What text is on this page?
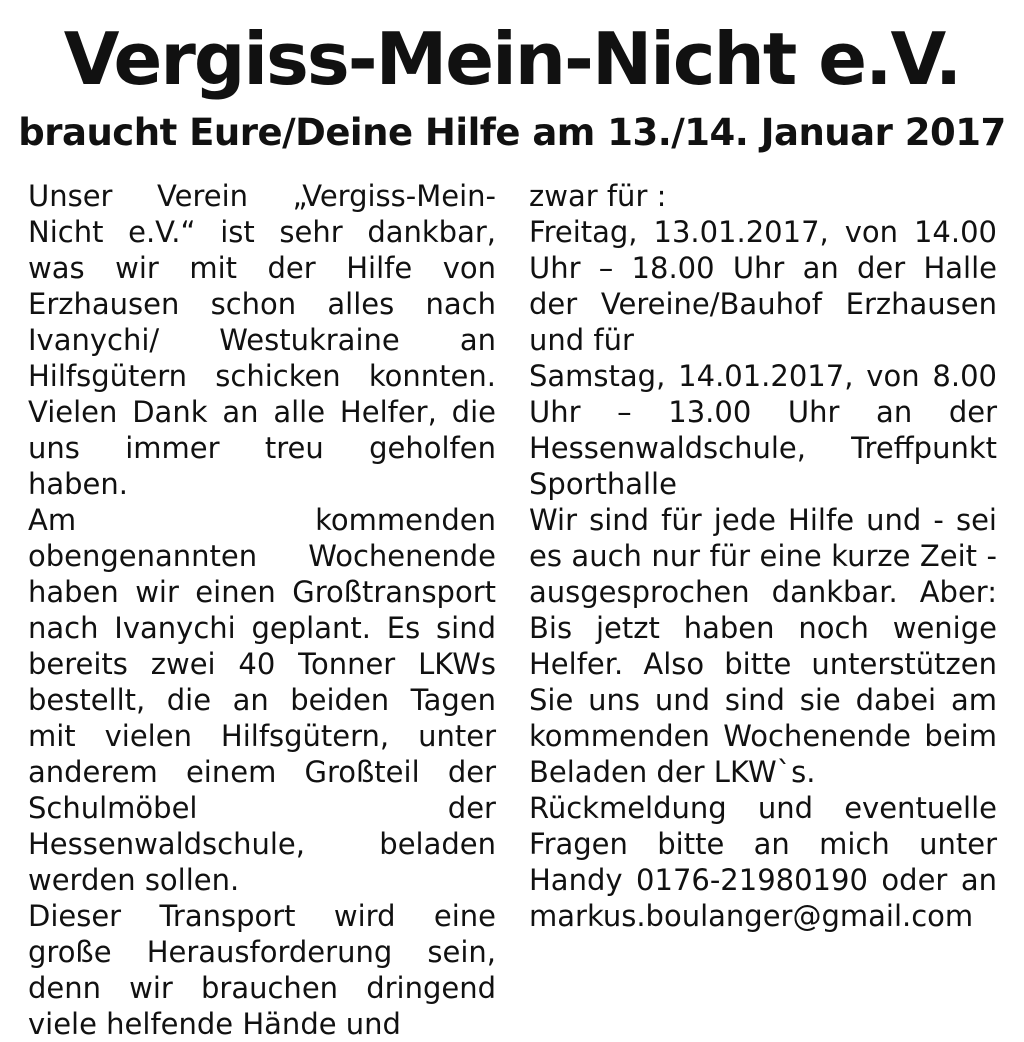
Vergiss-Mein-Nicht e.V.
braucht Eure/Deine Hilfe am 13./14. Januar 2017

Unser Verein „Vergiss-Mein-Nicht e.V.“ ist sehr dankbar, was wir mit der Hilfe von Erzhausen schon alles nach Ivanychi/ Westukraine an Hilfsgütern schicken konnten. Vielen Dank an alle Helfer, die uns immer treu geholfen haben.

Am kommenden obengenannten Wochenende haben wir einen Großtransport nach Ivanychi geplant. Es sind bereits zwei 40 Tonner LKWs bestellt, die an beiden Tagen mit vielen Hilfsgütern, unter anderem einem Großteil der Schulmöbel der Hessenwaldschule, beladen werden sollen.

Dieser Transport wird eine große Herausforderung sein, denn wir brauchen dringend viele helfende Hände und

zwar für :

Freitag, 13.01.2017, von 14.00 Uhr – 18.00 Uhr an der Halle der Vereine/Bauhof Erzhausen und für

Samstag, 14.01.2017, von 8.00 Uhr – 13.00 Uhr an der Hessenwaldschule, Treffpunkt Sporthalle

Wir sind für jede Hilfe und - sei es auch nur für eine kurze Zeit - ausgesprochen dankbar. Aber: Bis jetzt haben noch wenige Helfer. Also bitte unterstützen Sie uns und sind sie dabei am kommenden Wochenende beim Beladen der LKW`s.

Rückmeldung und eventuelle Fragen bitte an mich unter Handy 0176-21980190 oder an markus.boulanger@gmail.com
